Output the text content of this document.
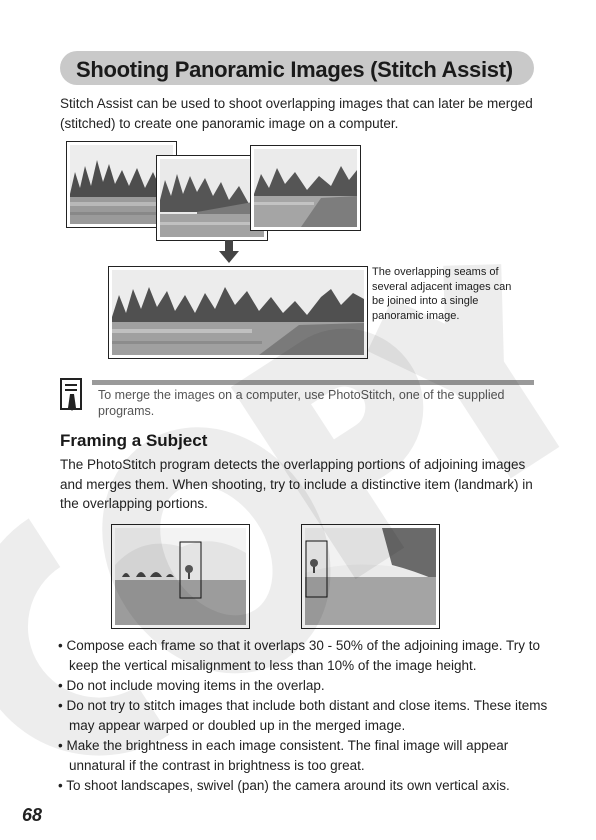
Shooting Panoramic Images (Stitch Assist)
Stitch Assist can be used to shoot overlapping images that can later be merged (stitched) to create one panoramic image on a computer.
The overlapping seams of several adjacent images can be joined into a single panoramic image.
To merge the images on a computer, use PhotoStitch, one of the supplied programs.
Framing a Subject
The PhotoStitch program detects the overlapping portions of adjoining images and merges them. When shooting, try to include a distinctive item (landmark) in the overlapping portions.
• Compose each frame so that it overlaps 30 - 50% of the adjoining image. Try to keep the vertical misalignment to less than 10% of the image height.
• Do not include moving items in the overlap.
• Do not try to stitch images that include both distant and close items. These items may appear warped or doubled up in the merged image.
• Make the brightness in each image consistent. The final image will appear unnatural if the contrast in brightness is too great.
• To shoot landscapes, swivel (pan) the camera around its own vertical axis.
68
